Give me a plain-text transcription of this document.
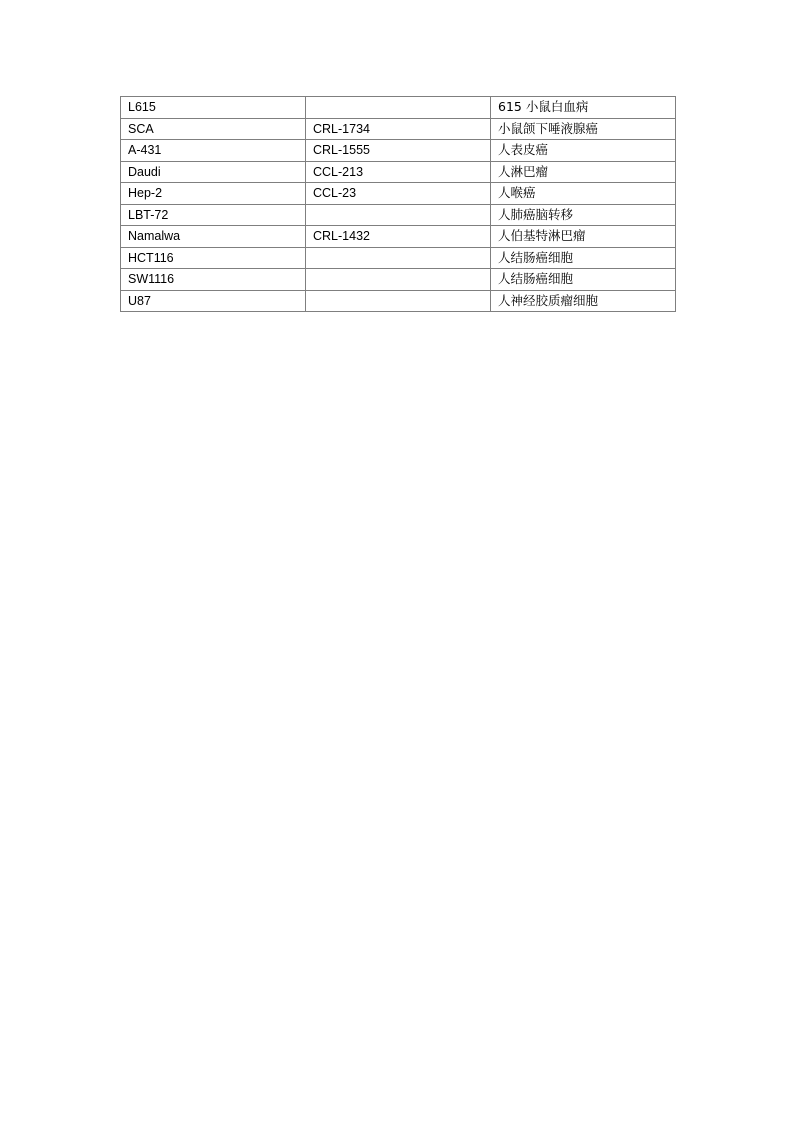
L615		615 小鼠白血病
SCA	CRL-1734	小鼠颌下唾液腺癌
A-431	CRL-1555	人表皮癌
Daudi	CCL-213	人淋巴瘤
Hep-2	CCL-23	人喉癌
LBT-72		人肺癌脑转移
Namalwa	CRL-1432	人伯基特淋巴瘤
HCT116		人结肠癌细胞
SW1116		人结肠癌细胞
U87		人神经胶质瘤细胞
